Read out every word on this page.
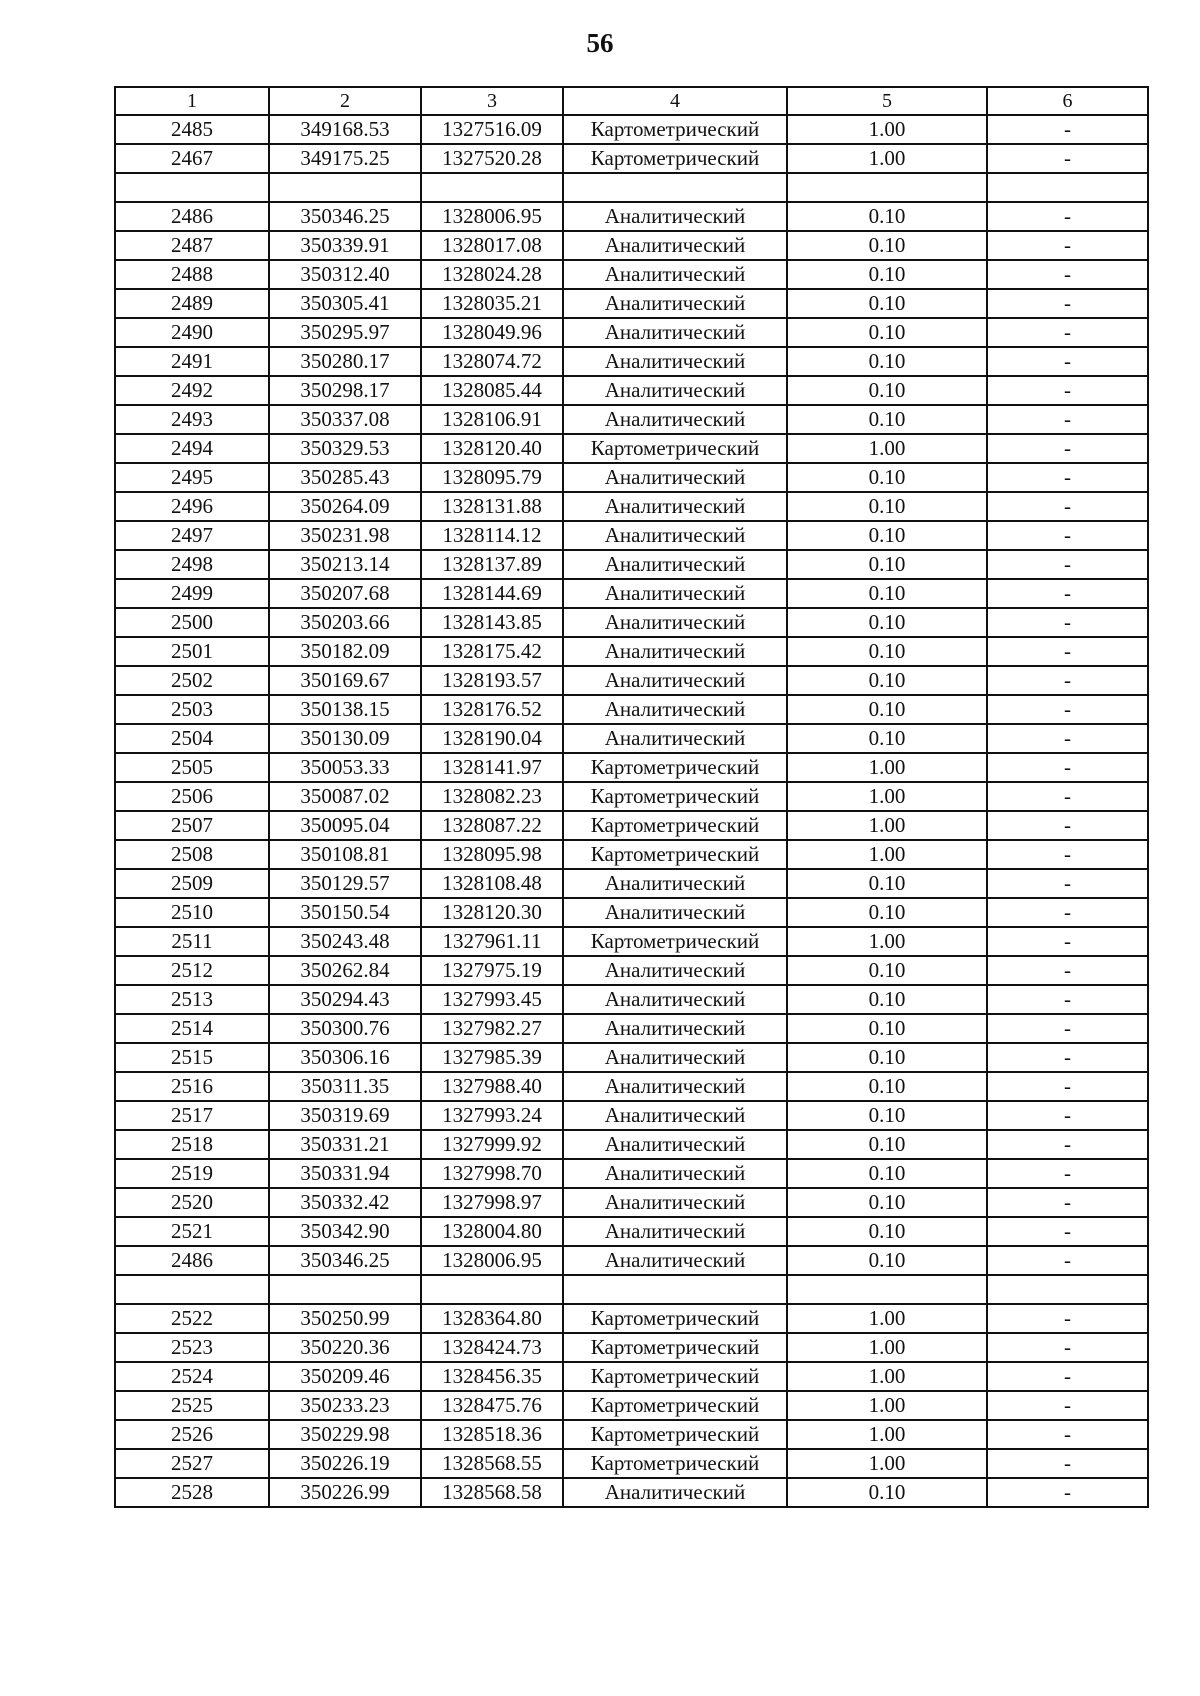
56
1	2	3	4	5	6
2485	349168.53	1327516.09	Картометрический	1.00	-
2467	349175.25	1327520.28	Картометрический	1.00	-

2486	350346.25	1328006.95	Аналитический	0.10	-
2487	350339.91	1328017.08	Аналитический	0.10	-
2488	350312.40	1328024.28	Аналитический	0.10	-
2489	350305.41	1328035.21	Аналитический	0.10	-
2490	350295.97	1328049.96	Аналитический	0.10	-
2491	350280.17	1328074.72	Аналитический	0.10	-
2492	350298.17	1328085.44	Аналитический	0.10	-
2493	350337.08	1328106.91	Аналитический	0.10	-
2494	350329.53	1328120.40	Картометрический	1.00	-
2495	350285.43	1328095.79	Аналитический	0.10	-
2496	350264.09	1328131.88	Аналитический	0.10	-
2497	350231.98	1328114.12	Аналитический	0.10	-
2498	350213.14	1328137.89	Аналитический	0.10	-
2499	350207.68	1328144.69	Аналитический	0.10	-
2500	350203.66	1328143.85	Аналитический	0.10	-
2501	350182.09	1328175.42	Аналитический	0.10	-
2502	350169.67	1328193.57	Аналитический	0.10	-
2503	350138.15	1328176.52	Аналитический	0.10	-
2504	350130.09	1328190.04	Аналитический	0.10	-
2505	350053.33	1328141.97	Картометрический	1.00	-
2506	350087.02	1328082.23	Картометрический	1.00	-
2507	350095.04	1328087.22	Картометрический	1.00	-
2508	350108.81	1328095.98	Картометрический	1.00	-
2509	350129.57	1328108.48	Аналитический	0.10	-
2510	350150.54	1328120.30	Аналитический	0.10	-
2511	350243.48	1327961.11	Картометрический	1.00	-
2512	350262.84	1327975.19	Аналитический	0.10	-
2513	350294.43	1327993.45	Аналитический	0.10	-
2514	350300.76	1327982.27	Аналитический	0.10	-
2515	350306.16	1327985.39	Аналитический	0.10	-
2516	350311.35	1327988.40	Аналитический	0.10	-
2517	350319.69	1327993.24	Аналитический	0.10	-
2518	350331.21	1327999.92	Аналитический	0.10	-
2519	350331.94	1327998.70	Аналитический	0.10	-
2520	350332.42	1327998.97	Аналитический	0.10	-
2521	350342.90	1328004.80	Аналитический	0.10	-
2486	350346.25	1328006.95	Аналитический	0.10	-

2522	350250.99	1328364.80	Картометрический	1.00	-
2523	350220.36	1328424.73	Картометрический	1.00	-
2524	350209.46	1328456.35	Картометрический	1.00	-
2525	350233.23	1328475.76	Картометрический	1.00	-
2526	350229.98	1328518.36	Картометрический	1.00	-
2527	350226.19	1328568.55	Картометрический	1.00	-
2528	350226.99	1328568.58	Аналитический	0.10	-
